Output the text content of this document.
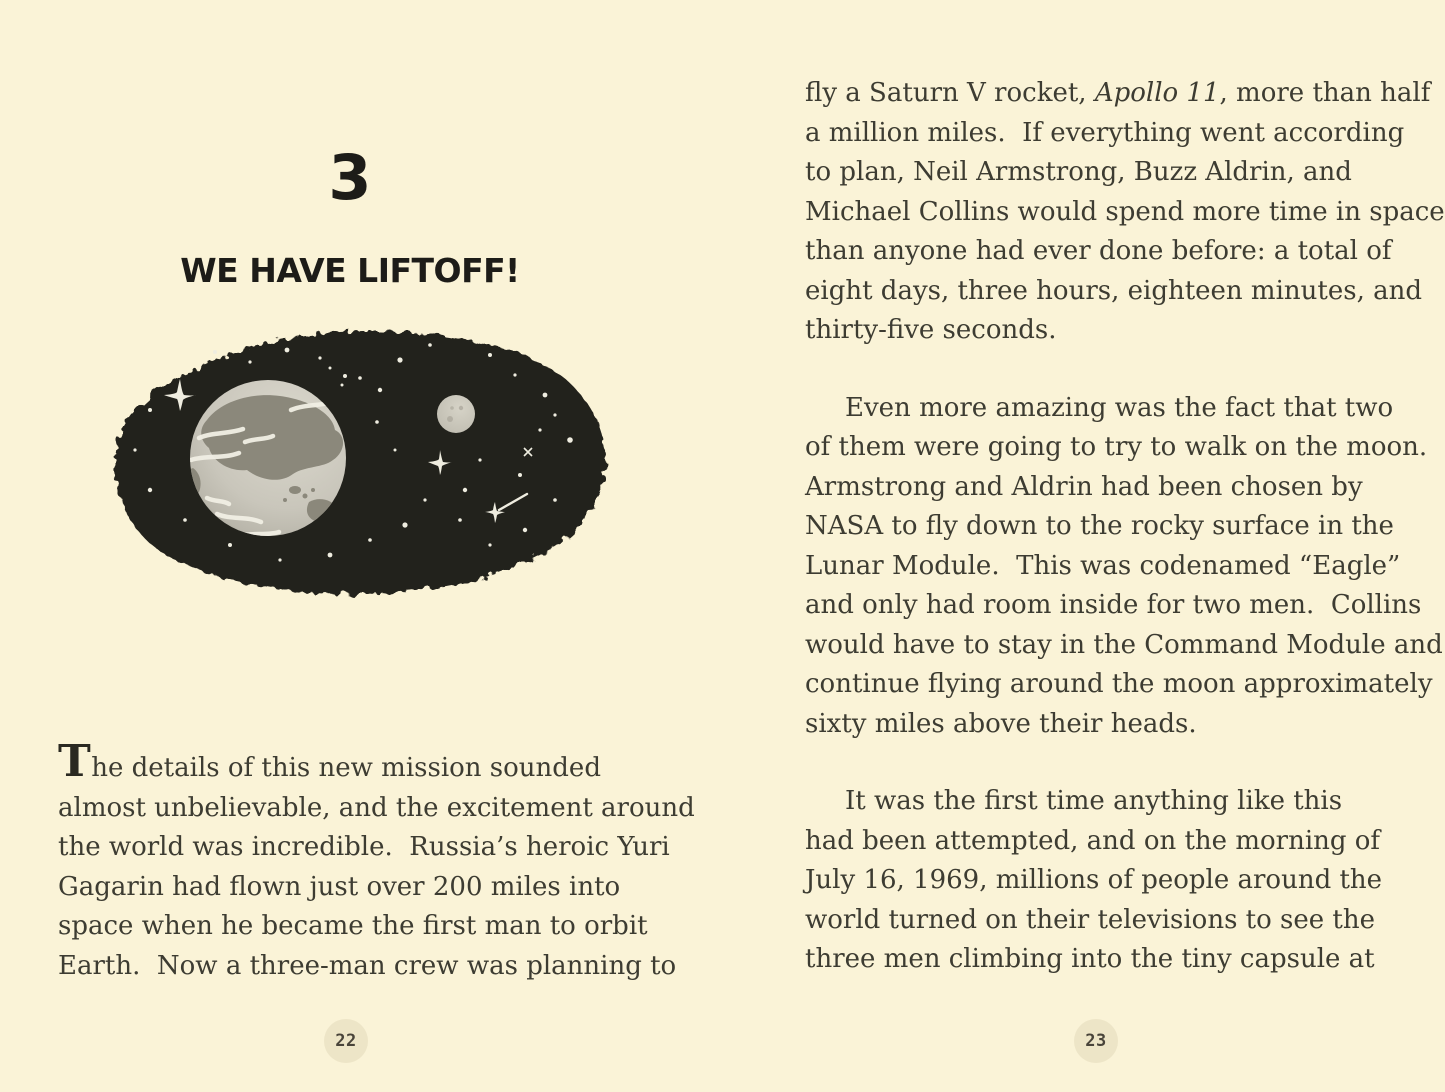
3
WE HAVE LIFTOFF!
The details of this new mission sounded
almost unbelievable, and the excitement around
the world was incredible.  Russia’s heroic Yuri
Gagarin had flown just over 200 miles into
space when he became the first man to orbit
Earth.  Now a three-man crew was planning to
fly a Saturn V rocket, Apollo 11, more than half
a million miles.  If everything went according
to plan, Neil Armstrong, Buzz Aldrin, and
Michael Collins would spend more time in space
than anyone had ever done before: a total of
eight days, three hours, eighteen minutes, and
thirty-five seconds.
Even more amazing was the fact that two
of them were going to try to walk on the moon.
Armstrong and Aldrin had been chosen by
NASA to fly down to the rocky surface in the
Lunar Module.  This was codenamed “Eagle”
and only had room inside for two men.  Collins
would have to stay in the Command Module and
continue flying around the moon approximately
sixty miles above their heads.
It was the first time anything like this
had been attempted, and on the morning of
July 16, 1969, millions of people around the
world turned on their televisions to see the
three men climbing into the tiny capsule at
22	23
